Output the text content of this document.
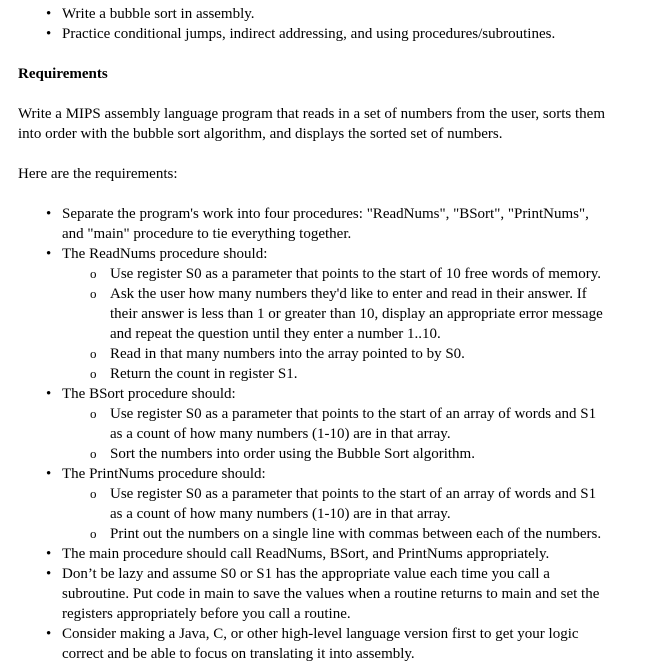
• Write a bubble sort in assembly.
• Practice conditional jumps, indirect addressing, and using procedures/subroutines.
Requirements

Write a MIPS assembly language program that reads in a set of numbers from the user, sorts them into order with the bubble sort algorithm, and displays the sorted set of numbers.

Here are the requirements:

• Separate the program's work into four procedures: "ReadNums", "BSort", "PrintNums", and "main" procedure to tie everything together.
• The ReadNums procedure should:
o Use register S0 as a parameter that points to the start of 10 free words of memory.
o Ask the user how many numbers they'd like to enter and read in their answer. If their answer is less than 1 or greater than 10, display an appropriate error message and repeat the question until they enter a number 1..10.
o Read in that many numbers into the array pointed to by S0.
o Return the count in register S1.
• The BSort procedure should:
o Use register S0 as a parameter that points to the start of an array of words and S1 as a count of how many numbers (1-10) are in that array.
o Sort the numbers into order using the Bubble Sort algorithm.
• The PrintNums procedure should:
o Use register S0 as a parameter that points to the start of an array of words and S1 as a count of how many numbers (1-10) are in that array.
o Print out the numbers on a single line with commas between each of the numbers.
• The main procedure should call ReadNums, BSort, and PrintNums appropriately.
• Don’t be lazy and assume S0 or S1 has the appropriate value each time you call a subroutine. Put code in main to save the values when a routine returns to main and set the registers appropriately before you call a routine.
• Consider making a Java, C, or other high-level language version first to get your logic correct and be able to focus on translating it into assembly.
